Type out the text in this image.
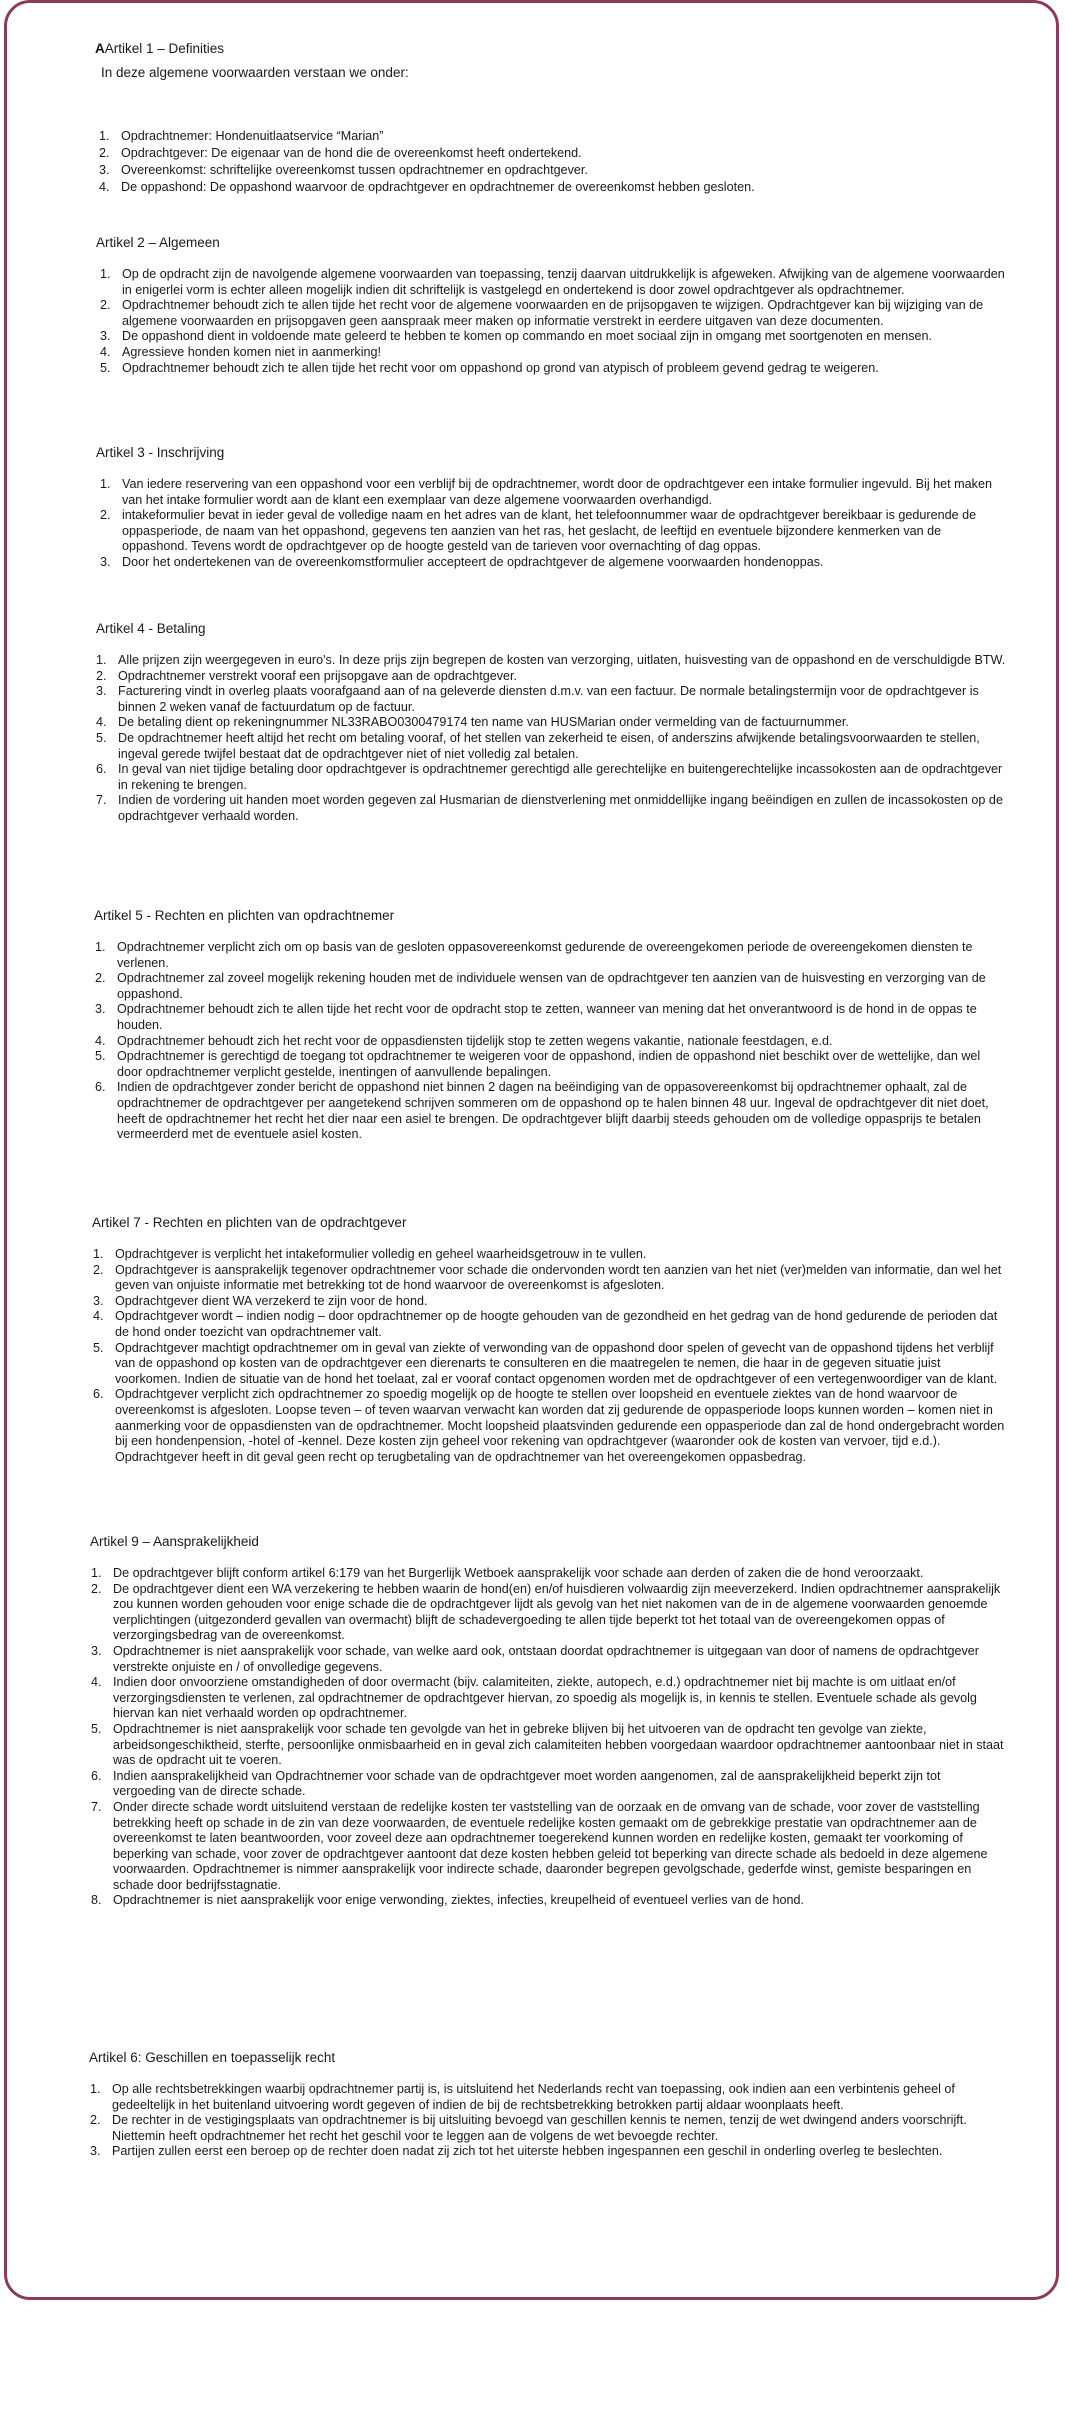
AArtikel 1 – Definities
In deze algemene voorwaarden verstaan we onder:
1. Opdrachtnemer: Hondenuitlaatservice “Marian”
2. Opdrachtgever: De eigenaar van de hond die de overeenkomst heeft ondertekend.
3. Overeenkomst: schriftelijke overeenkomst tussen opdrachtnemer en opdrachtgever.
4. De oppashond: De oppashond waarvoor de opdrachtgever en opdrachtnemer de overeenkomst hebben gesloten.
Artikel 2 – Algemeen
1. Op de opdracht zijn de navolgende algemene voorwaarden van toepassing, tenzij daarvan uitdrukkelijk is afgeweken. Afwijking van de algemene voorwaarden in enigerlei vorm is echter alleen mogelijk indien dit schriftelijk is vastgelegd en ondertekend is door zowel opdrachtgever als opdrachtnemer.
2. Opdrachtnemer behoudt zich te allen tijde het recht voor de algemene voorwaarden en de prijsopgaven te wijzigen. Opdrachtgever kan bij wijziging van de algemene voorwaarden en prijsopgaven geen aanspraak meer maken op informatie verstrekt in eerdere uitgaven van deze documenten.
3. De oppashond dient in voldoende mate geleerd te hebben te komen op commando en moet sociaal zijn in omgang met soortgenoten en mensen.
4. Agressieve honden komen niet in aanmerking!
5. Opdrachtnemer behoudt zich te allen tijde het recht voor om oppashond op grond van atypisch of probleem gevend gedrag te weigeren.
Artikel 3 - Inschrijving
1. Van iedere reservering van een oppashond voor een verblijf bij de opdrachtnemer, wordt door de opdrachtgever een intake formulier ingevuld. Bij het maken van het intake formulier wordt aan de klant een exemplaar van deze algemene voorwaarden overhandigd.
2. intakeformulier bevat in ieder geval de volledige naam en het adres van de klant, het telefoonnummer waar de opdrachtgever bereikbaar is gedurende de oppasperiode, de naam van het oppashond, gegevens ten aanzien van het ras, het geslacht, de leeftijd en eventuele bijzondere kenmerken van de oppashond. Tevens wordt de opdrachtgever op de hoogte gesteld van de tarieven voor overnachting of dag oppas.
3. Door het ondertekenen van de overeenkomstformulier accepteert de opdrachtgever de algemene voorwaarden hondenoppas.
Artikel 4 - Betaling
1. Alle prijzen zijn weergegeven in euro's. In deze prijs zijn begrepen de kosten van verzorging, uitlaten, huisvesting van de oppashond en de verschuldigde BTW.
2. Opdrachtnemer verstrekt vooraf een prijsopgave aan de opdrachtgever.
3. Facturering vindt in overleg plaats voorafgaand aan of na geleverde diensten d.m.v. van een factuur. De normale betalingstermijn voor de opdrachtgever is binnen 2 weken vanaf de factuurdatum op de factuur.
4. De betaling dient op rekeningnummer NL33RABO0300479174 ten name van HUSMarian onder vermelding van de factuurnummer.
5. De opdrachtnemer heeft altijd het recht om betaling vooraf, of het stellen van zekerheid te eisen, of anderszins afwijkende betalingsvoorwaarden te stellen, ingeval gerede twijfel bestaat dat de opdrachtgever niet of niet volledig zal betalen.
6. In geval van niet tijdige betaling door opdrachtgever is opdrachtnemer gerechtigd alle gerechtelijke en buitengerechtelijke incassokosten aan de opdrachtgever in rekening te brengen.
7. Indien de vordering uit handen moet worden gegeven zal Husmarian de dienstverlening met onmiddellijke ingang beëindigen en zullen de incassokosten op de opdrachtgever verhaald worden.
Artikel 5 - Rechten en plichten van opdrachtnemer
1. Opdrachtnemer verplicht zich om op basis van de gesloten oppasovereenkomst gedurende de overeengekomen periode de overeengekomen diensten te verlenen.
2. Opdrachtnemer zal zoveel mogelijk rekening houden met de individuele wensen van de opdrachtgever ten aanzien van de huisvesting en verzorging van de oppashond.
3. Opdrachtnemer behoudt zich te allen tijde het recht voor de opdracht stop te zetten, wanneer van mening dat het onverantwoord is de hond in de oppas te houden.
4. Opdrachtnemer behoudt zich het recht voor de oppasdiensten tijdelijk stop te zetten wegens vakantie, nationale feestdagen, e.d.
5. Opdrachtnemer is gerechtigd de toegang tot opdrachtnemer te weigeren voor de oppashond, indien de oppashond niet beschikt over de wettelijke, dan wel door opdrachtnemer verplicht gestelde, inentingen of aanvullende bepalingen.
6. Indien de opdrachtgever zonder bericht de oppashond niet binnen 2 dagen na beëindiging van de oppasovereenkomst bij opdrachtnemer ophaalt, zal de opdrachtnemer de opdrachtgever per aangetekend schrijven sommeren om de oppashond op te halen binnen 48 uur. Ingeval de opdrachtgever dit niet doet, heeft de opdrachtnemer het recht het dier naar een asiel te brengen. De opdrachtgever blijft daarbij steeds gehouden om de volledige oppasprijs te betalen vermeerderd met de eventuele asiel kosten.
Artikel 7 - Rechten en plichten van de opdrachtgever
1. Opdrachtgever is verplicht het intakeformulier volledig en geheel waarheidsgetrouw in te vullen.
2. Opdrachtgever is aansprakelijk tegenover opdrachtnemer voor schade die ondervonden wordt ten aanzien van het niet (ver)melden van informatie, dan wel het geven van onjuiste informatie met betrekking tot de hond waarvoor de overeenkomst is afgesloten.
3. Opdrachtgever dient WA verzekerd te zijn voor de hond.
4. Opdrachtgever wordt – indien nodig – door opdrachtnemer op de hoogte gehouden van de gezondheid en het gedrag van de hond gedurende de perioden dat de hond onder toezicht van opdrachtnemer valt.
5. Opdrachtgever machtigt opdrachtnemer om in geval van ziekte of verwonding van de oppashond door spelen of gevecht van de oppashond tijdens het verblijf van de oppashond op kosten van de opdrachtgever een dierenarts te consulteren en die maatregelen te nemen, die haar in de gegeven situatie juist voorkomen. Indien de situatie van de hond het toelaat, zal er vooraf contact opgenomen worden met de opdrachtgever of een vertegenwoordiger van de klant.
6. Opdrachtgever verplicht zich opdrachtnemer zo spoedig mogelijk op de hoogte te stellen over loopsheid en eventuele ziektes van de hond waarvoor de overeenkomst is afgesloten. Loopse teven – of teven waarvan verwacht kan worden dat zij gedurende de oppasperiode loops kunnen worden – komen niet in aanmerking voor de oppasdiensten van de opdrachtnemer. Mocht loopsheid plaatsvinden gedurende een oppasperiode dan zal de hond ondergebracht worden bij een hondenpension, -hotel of -kennel. Deze kosten zijn geheel voor rekening van opdrachtgever (waaronder ook de kosten van vervoer, tijd e.d.). Opdrachtgever heeft in dit geval geen recht op terugbetaling van de opdrachtnemer van het overeengekomen oppasbedrag.
Artikel 9 – Aansprakelijkheid
1. De opdrachtgever blijft conform artikel 6:179 van het Burgerlijk Wetboek aansprakelijk voor schade aan derden of zaken die de hond veroorzaakt.
2. De opdrachtgever dient een WA verzekering te hebben waarin de hond(en) en/of huisdieren volwaardig zijn meeverzekerd. Indien opdrachtnemer aansprakelijk zou kunnen worden gehouden voor enige schade die de opdrachtgever lijdt als gevolg van het niet nakomen van de in de algemene voorwaarden genoemde verplichtingen (uitgezonderd gevallen van overmacht) blijft de schadevergoeding te allen tijde beperkt tot het totaal van de overeengekomen oppas of verzorgingsbedrag van de overeenkomst.
3. Opdrachtnemer is niet aansprakelijk voor schade, van welke aard ook, ontstaan doordat opdrachtnemer is uitgegaan van door of namens de opdrachtgever verstrekte onjuiste en / of onvolledige gegevens.
4. Indien door onvoorziene omstandigheden of door overmacht (bijv. calamiteiten, ziekte, autopech, e.d.) opdrachtnemer niet bij machte is om uitlaat en/of verzorgingsdiensten te verlenen, zal opdrachtnemer de opdrachtgever hiervan, zo spoedig als mogelijk is, in kennis te stellen. Eventuele schade als gevolg hiervan kan niet verhaald worden op opdrachtnemer.
5. Opdrachtnemer is niet aansprakelijk voor schade ten gevolgde van het in gebreke blijven bij het uitvoeren van de opdracht ten gevolge van ziekte, arbeidsongeschiktheid, sterfte, persoonlijke onmisbaarheid en in geval zich calamiteiten hebben voorgedaan waardoor opdrachtnemer aantoonbaar niet in staat was de opdracht uit te voeren.
6. Indien aansprakelijkheid van Opdrachtnemer voor schade van de opdrachtgever moet worden aangenomen, zal de aansprakelijkheid beperkt zijn tot vergoeding van de directe schade.
7. Onder directe schade wordt uitsluitend verstaan de redelijke kosten ter vaststelling van de oorzaak en de omvang van de schade, voor zover de vaststelling betrekking heeft op schade in de zin van deze voorwaarden, de eventuele redelijke kosten gemaakt om de gebrekkige prestatie van opdrachtnemer aan de overeenkomst te laten beantwoorden, voor zoveel deze aan opdrachtnemer toegerekend kunnen worden en redelijke kosten, gemaakt ter voorkoming of beperking van schade, voor zover de opdrachtgever aantoont dat deze kosten hebben geleid tot beperking van directe schade als bedoeld in deze algemene voorwaarden. Opdrachtnemer is nimmer aansprakelijk voor indirecte schade, daaronder begrepen gevolgschade, gederfde winst, gemiste besparingen en schade door bedrijfsstagnatie.
8. Opdrachtnemer is niet aansprakelijk voor enige verwonding, ziektes, infecties, kreupelheid of eventueel verlies van de hond.
Artikel 6: Geschillen en toepasselijk recht
1. Op alle rechtsbetrekkingen waarbij opdrachtnemer partij is, is uitsluitend het Nederlands recht van toepassing, ook indien aan een verbintenis geheel of gedeeltelijk in het buitenland uitvoering wordt gegeven of indien de bij de rechtsbetrekking betrokken partij aldaar woonplaats heeft.
2. De rechter in de vestigingsplaats van opdrachtnemer is bij uitsluiting bevoegd van geschillen kennis te nemen, tenzij de wet dwingend anders voorschrijft. Niettemin heeft opdrachtnemer het recht het geschil voor te leggen aan de volgens de wet bevoegde rechter.
3. Partijen zullen eerst een beroep op de rechter doen nadat zij zich tot het uiterste hebben ingespannen een geschil in onderling overleg te beslechten.
